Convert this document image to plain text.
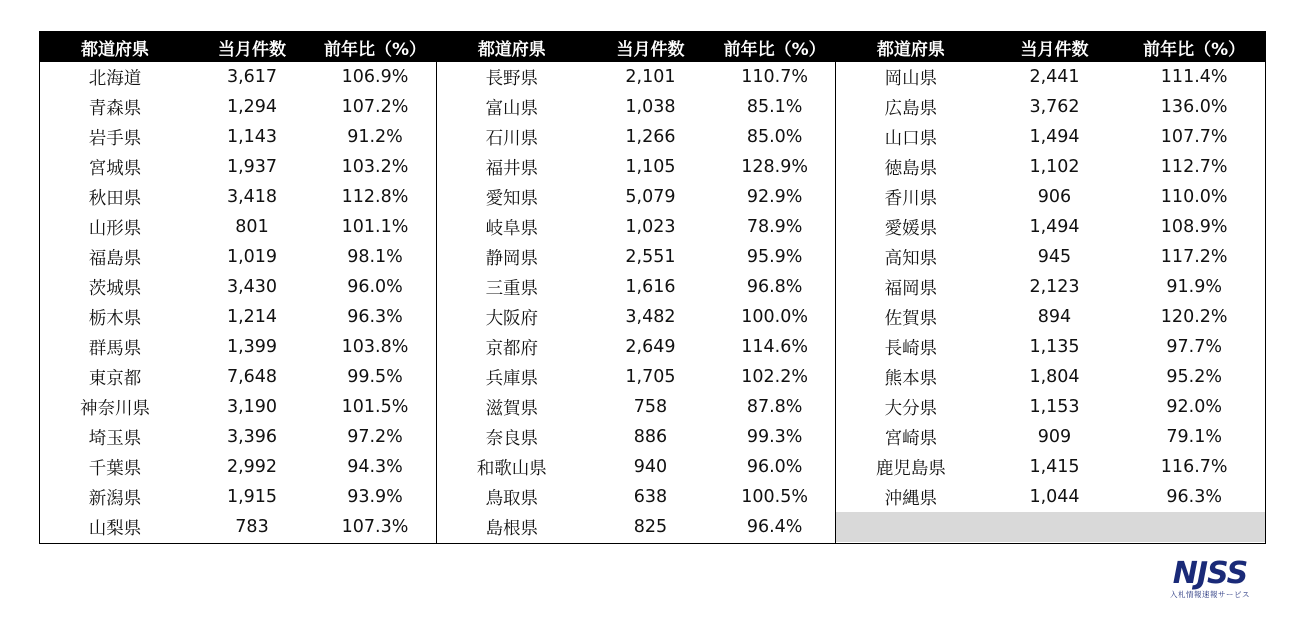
都道府県	当月件数	前年比（%）
北海道	3,617	106.9%
青森県	1,294	107.2%
岩手県	1,143	91.2%
宮城県	1,937	103.2%
秋田県	3,418	112.8%
山形県	801	101.1%
福島県	1,019	98.1%
茨城県	3,430	96.0%
栃木県	1,214	96.3%
群馬県	1,399	103.8%
東京都	7,648	99.5%
神奈川県	3,190	101.5%
埼玉県	3,396	97.2%
千葉県	2,992	94.3%
新潟県	1,915	93.9%
山梨県	783	107.3%
都道府県	当月件数	前年比（%）
長野県	2,101	110.7%
富山県	1,038	85.1%
石川県	1,266	85.0%
福井県	1,105	128.9%
愛知県	5,079	92.9%
岐阜県	1,023	78.9%
静岡県	2,551	95.9%
三重県	1,616	96.8%
大阪府	3,482	100.0%
京都府	2,649	114.6%
兵庫県	1,705	102.2%
滋賀県	758	87.8%
奈良県	886	99.3%
和歌山県	940	96.0%
鳥取県	638	100.5%
島根県	825	96.4%
都道府県	当月件数	前年比（%）
岡山県	2,441	111.4%
広島県	3,762	136.0%
山口県	1,494	107.7%
徳島県	1,102	112.7%
香川県	906	110.0%
愛媛県	1,494	108.9%
高知県	945	117.2%
福岡県	2,123	91.9%
佐賀県	894	120.2%
長崎県	1,135	97.7%
熊本県	1,804	95.2%
大分県	1,153	92.0%
宮崎県	909	79.1%
鹿児島県	1,415	116.7%
沖縄県	1,044	96.3%
NJSS
入札情報速報サービス
